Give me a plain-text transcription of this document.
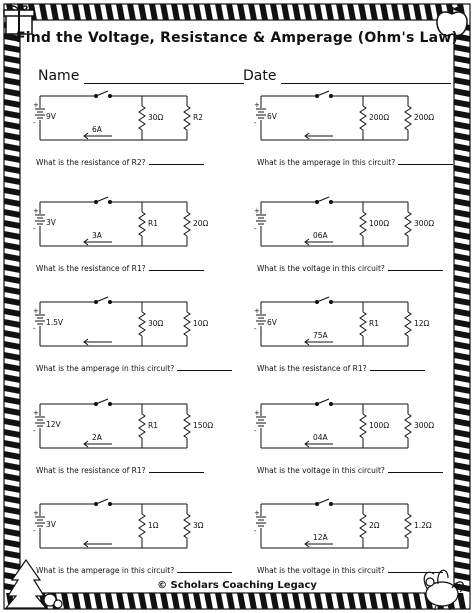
Find the Voltage, Resistance & Amperage (Ohm's Law)
Name	Date
+
-
9V	30Ω	R2
6A
What is the resistance of R2?
+
-
6V	200Ω	200Ω
What is the amperage in this circuit?
+
-
3V	R1	20Ω
3A
What is the resistance of R1?
+
-
100Ω	300Ω
06A
What is the voltage in this circuit?
+
-
1.5V	30Ω	10Ω
What is the amperage in this circuit?
+
-
6V	R1	12Ω
75A
What is the resistance of R1?
+
-
12V	R1	150Ω
2A
What is the resistance of R1?
+
-
100Ω	300Ω
04A
What is the voltage in this circuit?
+
-
3V	1Ω	3Ω
What is the amperage in this circuit?
+
-
2Ω	1.2Ω
12A
What is the voltage in this circuit?
© Scholars Coaching Legacy
